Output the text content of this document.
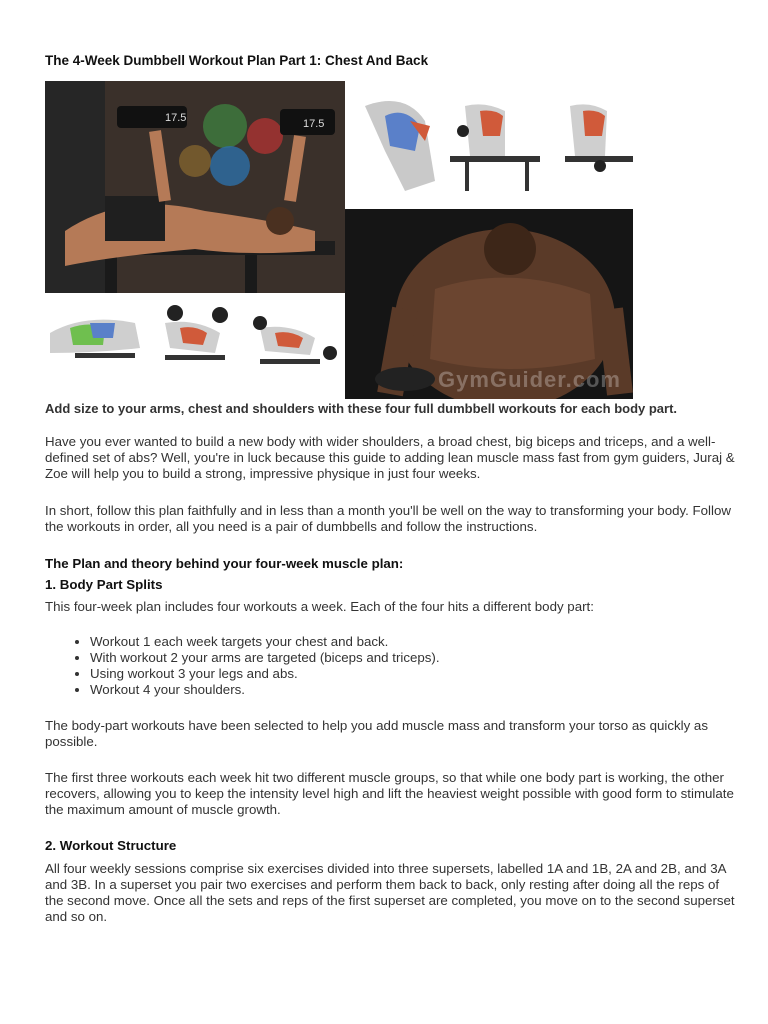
The 4-Week Dumbbell Workout Plan Part 1: Chest And Back
17.5	17.5
GymGuider.com
Add size to your arms, chest and shoulders with these four full dumbbell workouts for each body part.
Have you ever wanted to build a new body with wider shoulders, a broad chest, big biceps and triceps, and a well-defined set of abs? Well, you're in luck because this guide to adding lean muscle mass fast from gym guiders, Juraj & Zoe will help you to build a strong, impressive physique in just four weeks.
In short, follow this plan faithfully and in less than a month you'll be well on the way to transforming your body. Follow the workouts in order, all you need is a pair of dumbbells and follow the instructions.
The Plan and theory behind your four-week muscle plan:
1. Body Part Splits
This four-week plan includes four workouts a week. Each of the four hits a different body part:
• Workout 1 each week targets your chest and back.
• With workout 2 your arms are targeted (biceps and triceps).
• Using workout 3 your legs and abs.
• Workout 4 your shoulders.
The body-part workouts have been selected to help you add muscle mass and transform your torso as quickly as possible.
The first three workouts each week hit two different muscle groups, so that while one body part is working, the other recovers, allowing you to keep the intensity level high and lift the heaviest weight possible with good form to stimulate the maximum amount of muscle growth.
2. Workout Structure
All four weekly sessions comprise six exercises divided into three supersets, labelled 1A and 1B, 2A and 2B, and 3A and 3B. In a superset you pair two exercises and perform them back to back, only resting after doing all the reps of the second move. Once all the sets and reps of the first superset are completed, you move on to the second superset and so on.
